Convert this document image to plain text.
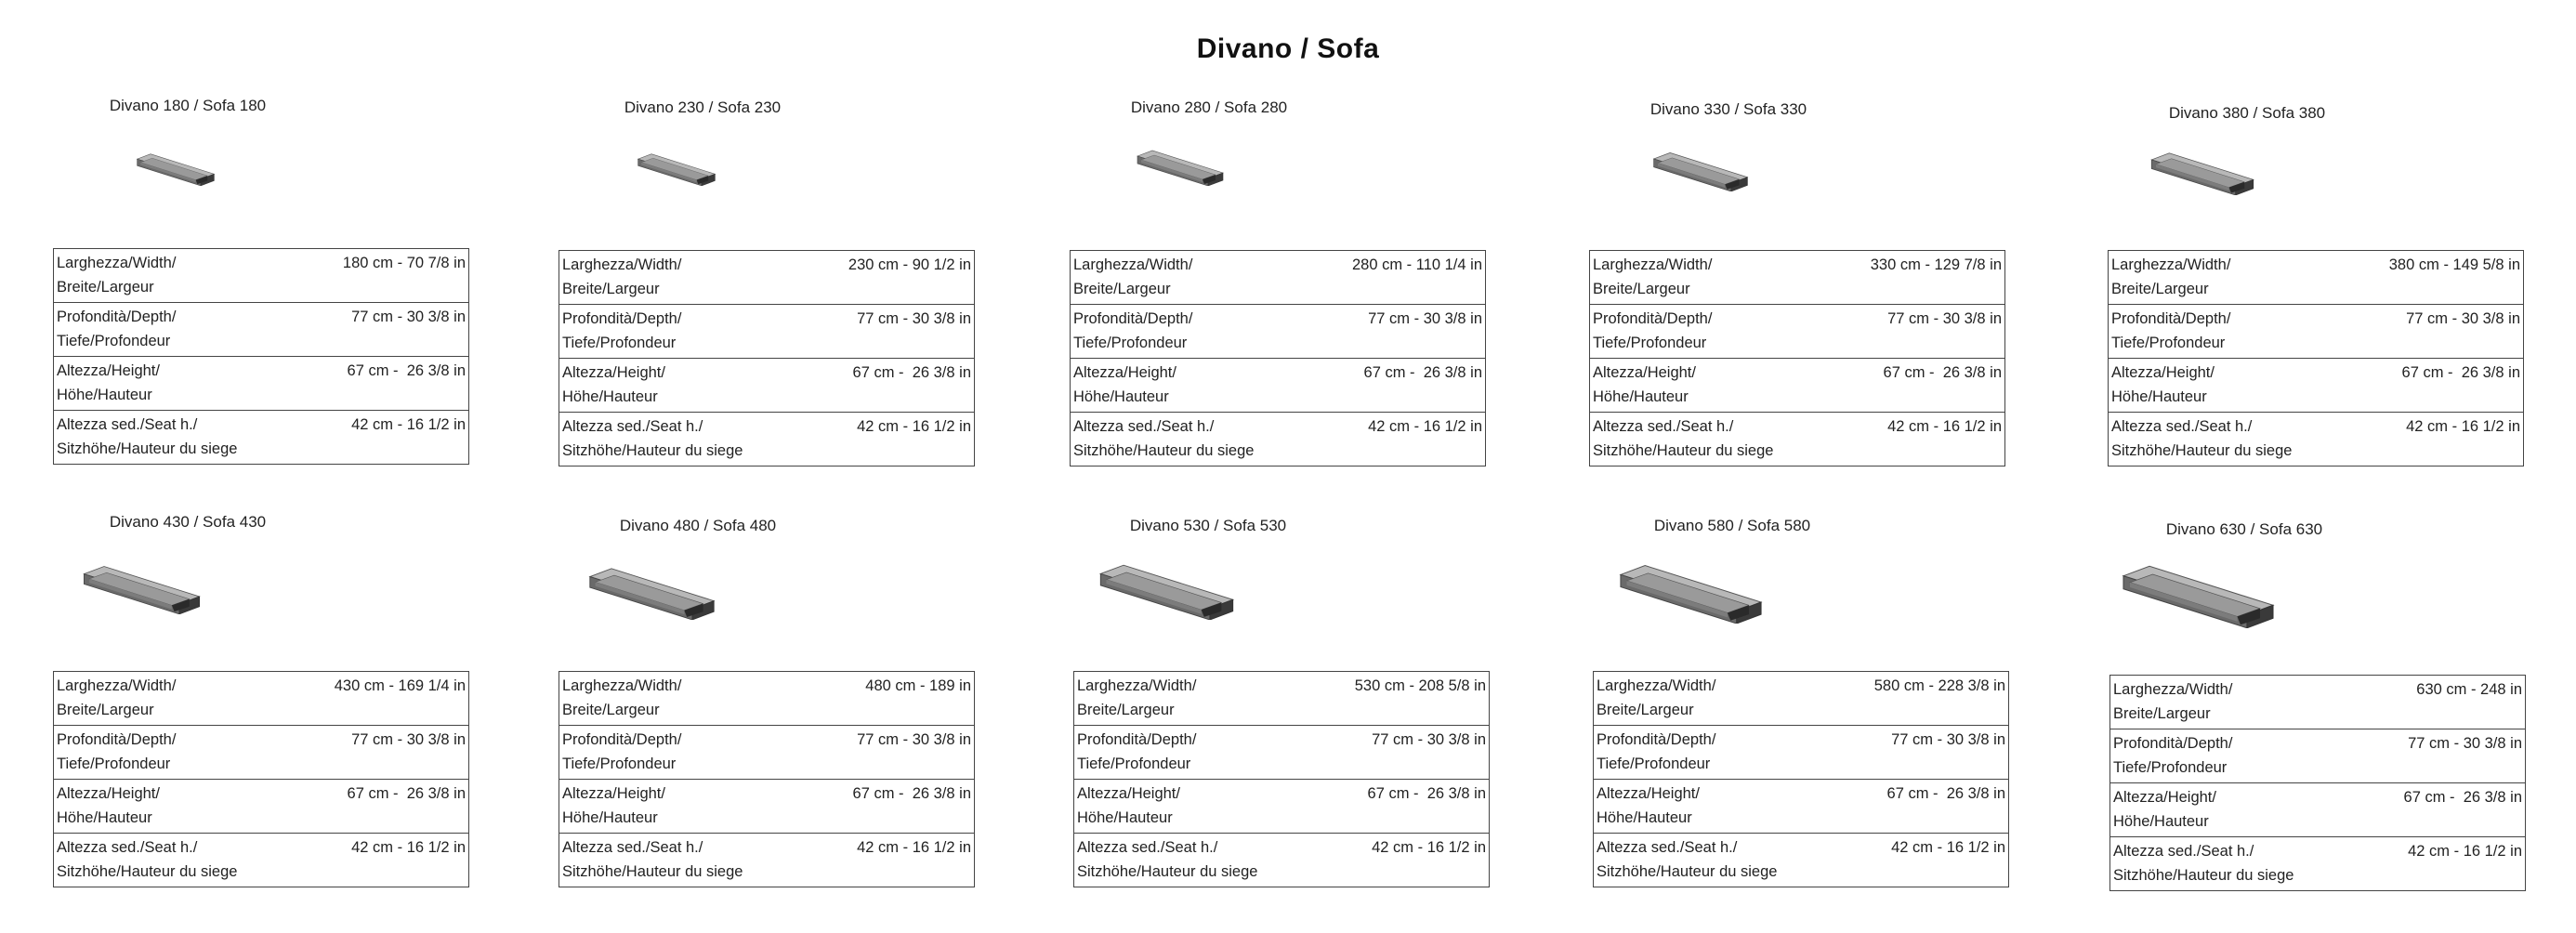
Divano / Sofa
Divano 180 / Sofa 180
Larghezza/Width/
Breite/Largeur	180 cm - 70 7/8 in
Profondità/Depth/
Tiefe/Profondeur	77 cm - 30 3/8 in
Altezza/Height/
Höhe/Hauteur	67 cm -  26 3/8 in
Altezza sed./Seat h./
Sitzhöhe/Hauteur du siege	42 cm - 16 1/2 in
Divano 230 / Sofa 230
Larghezza/Width/
Breite/Largeur	230 cm - 90 1/2 in
Profondità/Depth/
Tiefe/Profondeur	77 cm - 30 3/8 in
Altezza/Height/
Höhe/Hauteur	67 cm -  26 3/8 in
Altezza sed./Seat h./
Sitzhöhe/Hauteur du siege	42 cm - 16 1/2 in
Divano 280 / Sofa 280
Larghezza/Width/
Breite/Largeur	280 cm - 110 1/4 in
Profondità/Depth/
Tiefe/Profondeur	77 cm - 30 3/8 in
Altezza/Height/
Höhe/Hauteur	67 cm -  26 3/8 in
Altezza sed./Seat h./
Sitzhöhe/Hauteur du siege	42 cm - 16 1/2 in
Divano 330 / Sofa 330
Larghezza/Width/
Breite/Largeur	330 cm - 129 7/8 in
Profondità/Depth/
Tiefe/Profondeur	77 cm - 30 3/8 in
Altezza/Height/
Höhe/Hauteur	67 cm -  26 3/8 in
Altezza sed./Seat h./
Sitzhöhe/Hauteur du siege	42 cm - 16 1/2 in
Divano 380 / Sofa 380
Larghezza/Width/
Breite/Largeur	380 cm - 149 5/8 in
Profondità/Depth/
Tiefe/Profondeur	77 cm - 30 3/8 in
Altezza/Height/
Höhe/Hauteur	67 cm -  26 3/8 in
Altezza sed./Seat h./
Sitzhöhe/Hauteur du siege	42 cm - 16 1/2 in
Divano 430 / Sofa 430
Larghezza/Width/
Breite/Largeur	430 cm - 169 1/4 in
Profondità/Depth/
Tiefe/Profondeur	77 cm - 30 3/8 in
Altezza/Height/
Höhe/Hauteur	67 cm -  26 3/8 in
Altezza sed./Seat h./
Sitzhöhe/Hauteur du siege	42 cm - 16 1/2 in
Divano 480 / Sofa 480
Larghezza/Width/
Breite/Largeur	480 cm - 189 in
Profondità/Depth/
Tiefe/Profondeur	77 cm - 30 3/8 in
Altezza/Height/
Höhe/Hauteur	67 cm -  26 3/8 in
Altezza sed./Seat h./
Sitzhöhe/Hauteur du siege	42 cm - 16 1/2 in
Divano 530 / Sofa 530
Larghezza/Width/
Breite/Largeur	530 cm - 208 5/8 in
Profondità/Depth/
Tiefe/Profondeur	77 cm - 30 3/8 in
Altezza/Height/
Höhe/Hauteur	67 cm -  26 3/8 in
Altezza sed./Seat h./
Sitzhöhe/Hauteur du siege	42 cm - 16 1/2 in
Divano 580 / Sofa 580
Larghezza/Width/
Breite/Largeur	580 cm - 228 3/8 in
Profondità/Depth/
Tiefe/Profondeur	77 cm - 30 3/8 in
Altezza/Height/
Höhe/Hauteur	67 cm -  26 3/8 in
Altezza sed./Seat h./
Sitzhöhe/Hauteur du siege	42 cm - 16 1/2 in
Divano 630 / Sofa 630
Larghezza/Width/
Breite/Largeur	630 cm - 248 in
Profondità/Depth/
Tiefe/Profondeur	77 cm - 30 3/8 in
Altezza/Height/
Höhe/Hauteur	67 cm -  26 3/8 in
Altezza sed./Seat h./
Sitzhöhe/Hauteur du siege	42 cm - 16 1/2 in
